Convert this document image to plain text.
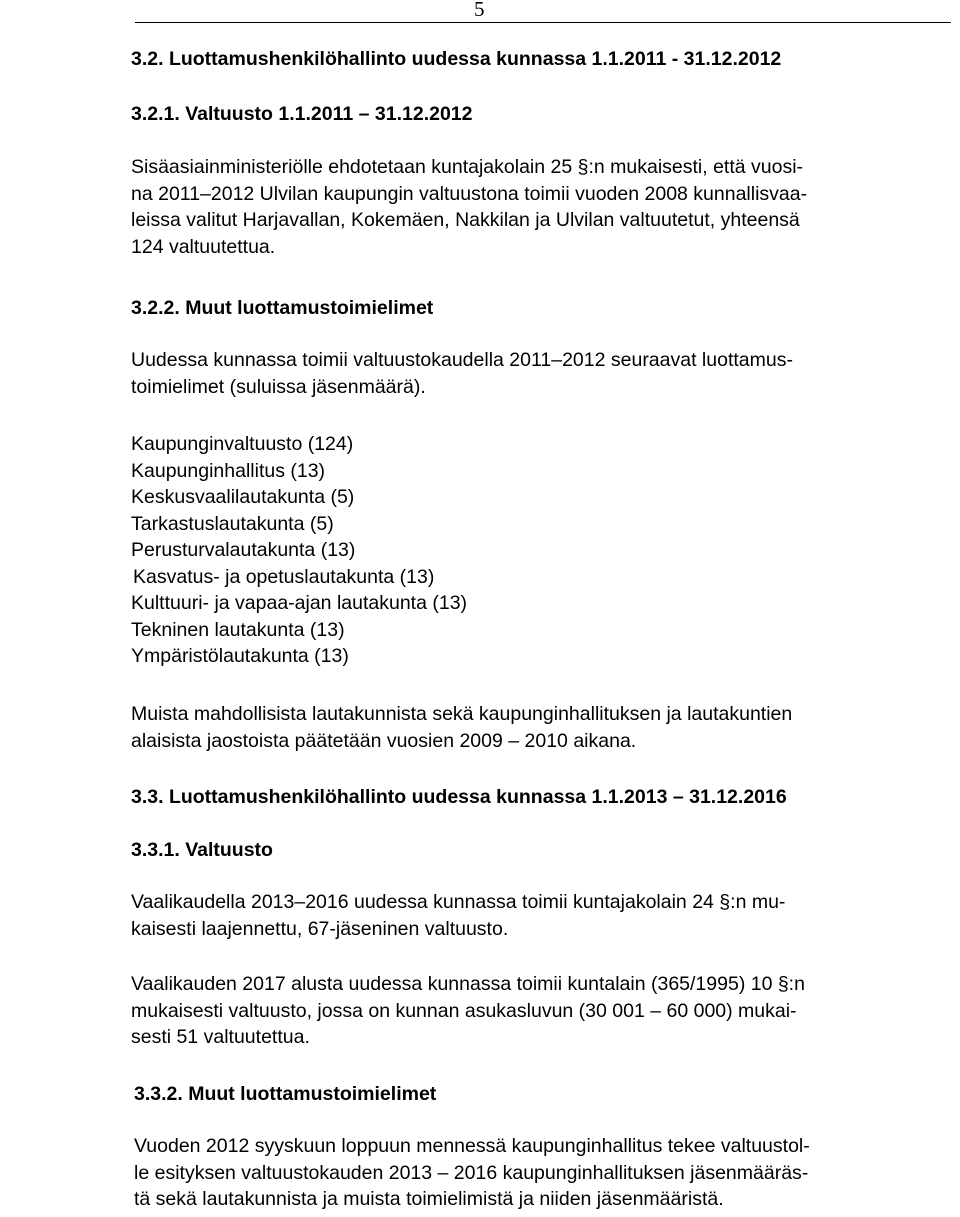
5
3.2. Luottamushenkilöhallinto uudessa kunnassa 1.1.2011 - 31.12.2012
3.2.1. Valtuusto 1.1.2011 – 31.12.2012
Sisäasiainministeriölle ehdotetaan kuntajakolain 25 §:n mukaisesti, että vuosi-
na 2011–2012 Ulvilan kaupungin valtuustona toimii vuoden 2008 kunnallisvaa-
leissa valitut Harjavallan, Kokemäen, Nakkilan ja Ulvilan valtuutetut, yhteensä
124 valtuutettua.
3.2.2. Muut luottamustoimielimet
Uudessa kunnassa toimii valtuustokaudella 2011–2012 seuraavat luottamus-
toimielimet (suluissa jäsenmäärä).
Kaupunginvaltuusto (124)
Kaupunginhallitus (13)
Keskusvaalilautakunta (5)
Tarkastuslautakunta (5)
Perusturvalautakunta (13)
Kasvatus- ja opetuslautakunta (13)
Kulttuuri- ja vapaa-ajan lautakunta (13)
Tekninen lautakunta (13)
Ympäristölautakunta (13)
Muista mahdollisista lautakunnista sekä kaupunginhallituksen ja lautakuntien
alaisista jaostoista päätetään vuosien 2009 – 2010 aikana.
3.3. Luottamushenkilöhallinto uudessa kunnassa 1.1.2013 – 31.12.2016
3.3.1. Valtuusto
Vaalikaudella 2013–2016 uudessa kunnassa toimii kuntajakolain 24 §:n mu-
kaisesti laajennettu, 67-jäseninen valtuusto.
Vaalikauden 2017 alusta uudessa kunnassa toimii kuntalain (365/1995) 10 §:n
mukaisesti valtuusto, jossa on kunnan asukasluvun (30 001 – 60 000) mukai-
sesti 51 valtuutettua.
3.3.2. Muut luottamustoimielimet
Vuoden 2012 syyskuun loppuun mennessä kaupunginhallitus tekee valtuustol-
le esityksen valtuustokauden 2013 – 2016 kaupunginhallituksen jäsenmääräs-
tä sekä lautakunnista ja muista toimielimistä ja niiden jäsenmääristä.
